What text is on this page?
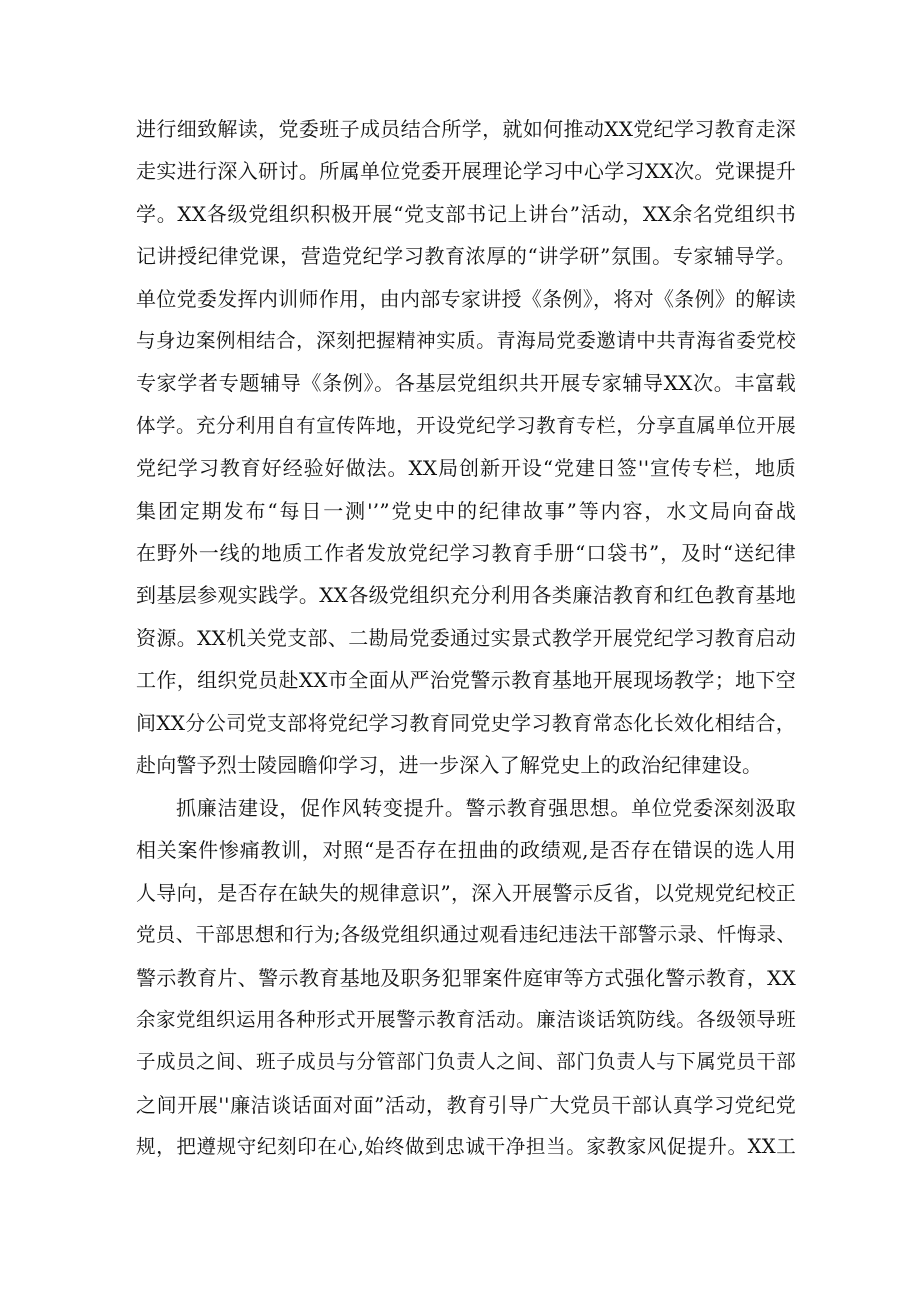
进行细致解读，党委班子成员结合所学，就如何推动XX党纪学习教育走深
走实进行深入研讨。所属单位党委开展理论学习中心学习XX次。党课提升
学。XX各级党组织积极开展“党支部书记上讲台”活动，XX余名党组织书
记讲授纪律党课，营造党纪学习教育浓厚的“讲学研”氛围。专家辅导学。
单位党委发挥内训师作用，由内部专家讲授《条例》，将对《条例》的解读
与身边案例相结合，深刻把握精神实质。青海局党委邀请中共青海省委党校
专家学者专题辅导《条例》。各基层党组织共开展专家辅导XX次。丰富载
体学。充分利用自有宣传阵地，开设党纪学习教育专栏，分享直属单位开展
党纪学习教育好经验好做法。XX局创新开设“党建日签''宣传专栏，地质
集团定期发布“每日一测'’”党史中的纪律故事”等内容，水文局向奋战
在野外一线的地质工作者发放党纪学习教育手册“口袋书”，及时“送纪律
到基层参观实践学。XX各级党组织充分利用各类廉洁教育和红色教育基地
资源。XX机关党支部、二勘局党委通过实景式教学开展党纪学习教育启动
工作，组织党员赴XX市全面从严治党警示教育基地开展现场教学；地下空
间XX分公司党支部将党纪学习教育同党史学习教育常态化长效化相结合，
赴向警予烈士陵园瞻仰学习，进一步深入了解党史上的政治纪律建设。
抓廉洁建设，促作风转变提升。警示教育强思想。单位党委深刻汲取
相关案件惨痛教训，对照“是否存在扭曲的政绩观,是否存在错误的选人用
人导向，是否存在缺失的规律意识”，深入开展警示反省，以党规党纪校正
党员、干部思想和行为;各级党组织通过观看违纪违法干部警示录、忏悔录、
警示教育片、警示教育基地及职务犯罪案件庭审等方式强化警示教育，XX
余家党组织运用各种形式开展警示教育活动。廉洁谈话筑防线。各级领导班
子成员之间、班子成员与分管部门负责人之间、部门负责人与下属党员干部
之间开展''廉洁谈话面对面”活动，教育引导广大党员干部认真学习党纪党
规，把遵规守纪刻印在心,始终做到忠诚干净担当。家教家风促提升。XX工
